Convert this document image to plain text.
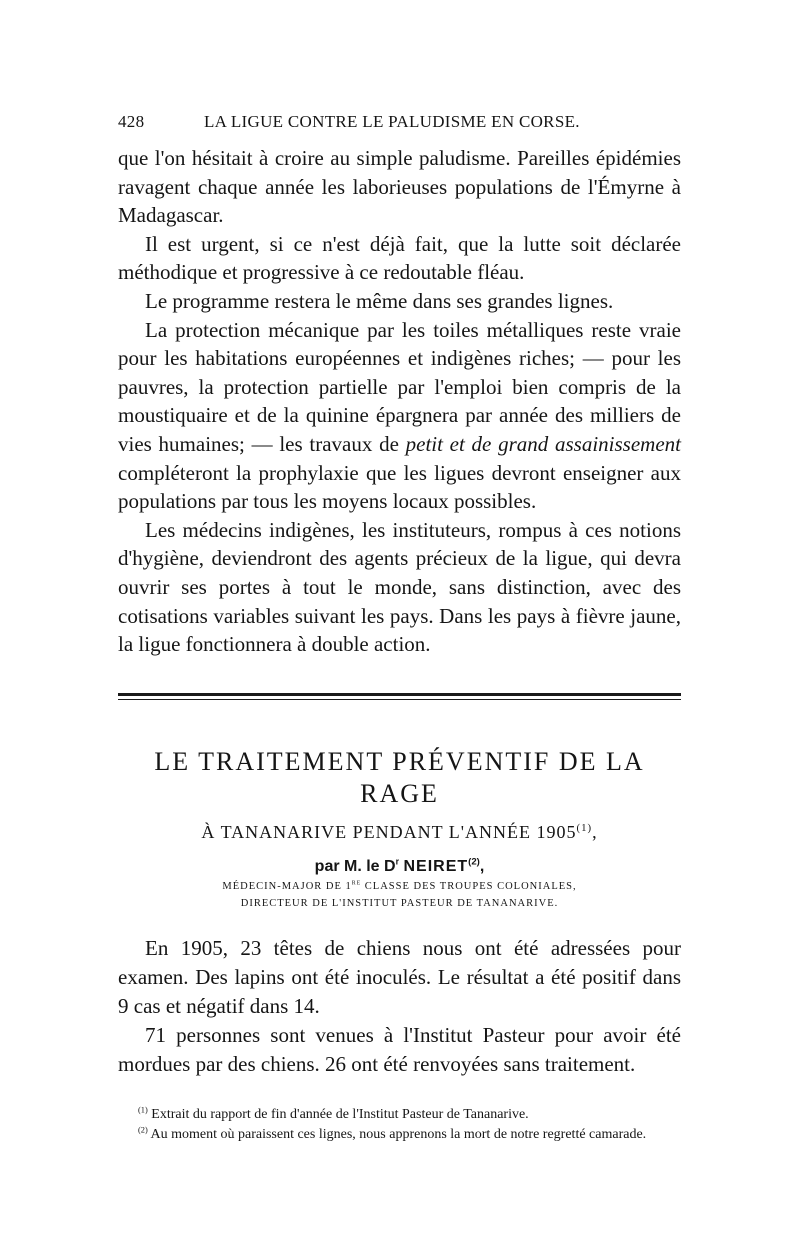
428	LA LIGUE CONTRE LE PALUDISME EN CORSE.

que l'on hésitait à croire au simple paludisme. Pareilles épidémies ravagent chaque année les laborieuses populations de l'Émyrne à Madagascar.

Il est urgent, si ce n'est déjà fait, que la lutte soit déclarée méthodique et progressive à ce redoutable fléau.

Le programme restera le même dans ses grandes lignes.

La protection mécanique par les toiles métalliques reste vraie pour les habitations européennes et indigènes riches; — pour les pauvres, la protection partielle par l'emploi bien compris de la moustiquaire et de la quinine épargnera par année des milliers de vies humaines; — les travaux de petit et de grand assainissement compléteront la prophylaxie que les ligues devront enseigner aux populations par tous les moyens locaux possibles.

Les médecins indigènes, les instituteurs, rompus à ces notions d'hygiène, deviendront des agents précieux de la ligue, qui devra ouvrir ses portes à tout le monde, sans distinction, avec des cotisations variables suivant les pays. Dans les pays à fièvre jaune, la ligue fonctionnera à double action.

LE TRAITEMENT PRÉVENTIF DE LA RAGE
À TANANARIVE PENDANT L'ANNÉE 1905$^{(1)}$,
par M. le $D^r$ NEIRET$^{(2)}$,
MÉDECIN-MAJOR DE 1RE CLASSE DES TROUPES COLONIALES,
DIRECTEUR DE L'INSTITUT PASTEUR DE TANANARIVE.

En 1905, 23 têtes de chiens nous ont été adressées pour examen. Des lapins ont été inoculés. Le résultat a été positif dans 9 cas et négatif dans 14.

71 personnes sont venues à l'Institut Pasteur pour avoir été mordues par des chiens. 26 ont été renvoyées sans traitement.

$^{(1)}$ Extrait du rapport de fin d'année de l'Institut Pasteur de Tananarive.

$^{(2)}$ Au moment où paraissent ces lignes, nous apprenons la mort de notre regretté camarade.
